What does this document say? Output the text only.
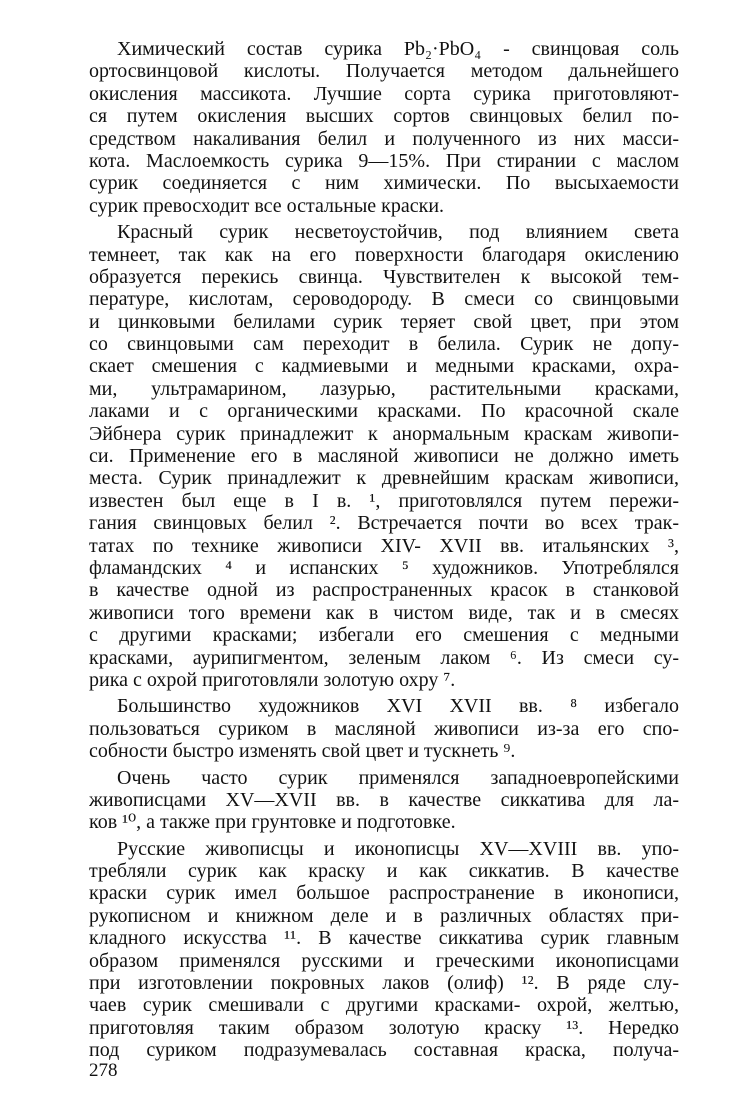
Химический состав сурика Pb₂·PbO₄ - свинцовая соль
ортосвинцовой кислоты. Получается методом дальнейшего
окисления массикота. Лучшие сорта сурика приготовляют-
ся путем окисления высших сортов свинцовых белил по-
средством накаливания белил и полученного из них масси-
кота. Маслоемкость сурика 9—15%. При стирании с маслом
сурик соединяется с ним химически. По высыхаемости
сурик превосходит все остальные краски.
Красный сурик несветоустойчив, под влиянием света
темнеет, так как на его поверхности благодаря окислению
образуется перекись свинца. Чувствителен к высокой тем-
пературе, кислотам, сероводороду. В смеси со свинцовыми
и цинковыми белилами сурик теряет свой цвет, при этом
со свинцовыми сам переходит в белила. Сурик не допу-
скает смешения с кадмиевыми и медными красками, охра-
ми, ультрамарином, лазурью, растительными красками,
лаками и с органическими красками. По красочной скале
Эйбнера сурик принадлежит к анормальным краскам живопи-
си. Применение его в масляной живописи не должно иметь
места. Сурик принадлежит к древнейшим краскам живописи,
известен был еще в I в. ¹, приготовлялся путем пережи-
гания свинцовых белил ². Встречается почти во всех трак-
татах по технике живописи XIV- XVII вв. итальянских ³,
фламандских ⁴ и испанских ⁵ художников. Употреблялся
в качестве одной из распространенных красок в станковой
живописи того времени как в чистом виде, так и в смесях
с другими красками; избегали его смешения с медными
красками, аурипигментом, зеленым лаком ⁶. Из смеси су-
рика с охрой приготовляли золотую охру ⁷.
Большинство художников XVI XVII вв. ⁸ избегало
пользоваться суриком в масляной живописи из-за его спо-
собности быстро изменять свой цвет и тускнеть ⁹.
Очень часто сурик применялся западноевропейскими
живописцами XV—XVII вв. в качестве сиккатива для ла-
ков ¹⁰, а также при грунтовке и подготовке.
Русские живописцы и иконописцы XV—XVIII вв. упо-
требляли сурик как краску и как сиккатив. В качестве
краски сурик имел большое распространение в иконописи,
рукописном и книжном деле и в различных областях при-
кладного искусства ¹¹. В качестве сиккатива сурик главным
образом применялся русскими и греческими иконописцами
при изготовлении покровных лаков (олиф) ¹². В ряде слу-
чаев сурик смешивали с другими красками- охрой, желтью,
приготовляя таким образом золотую краску ¹³. Нередко
под суриком подразумевалась составная краска, получа-
278
